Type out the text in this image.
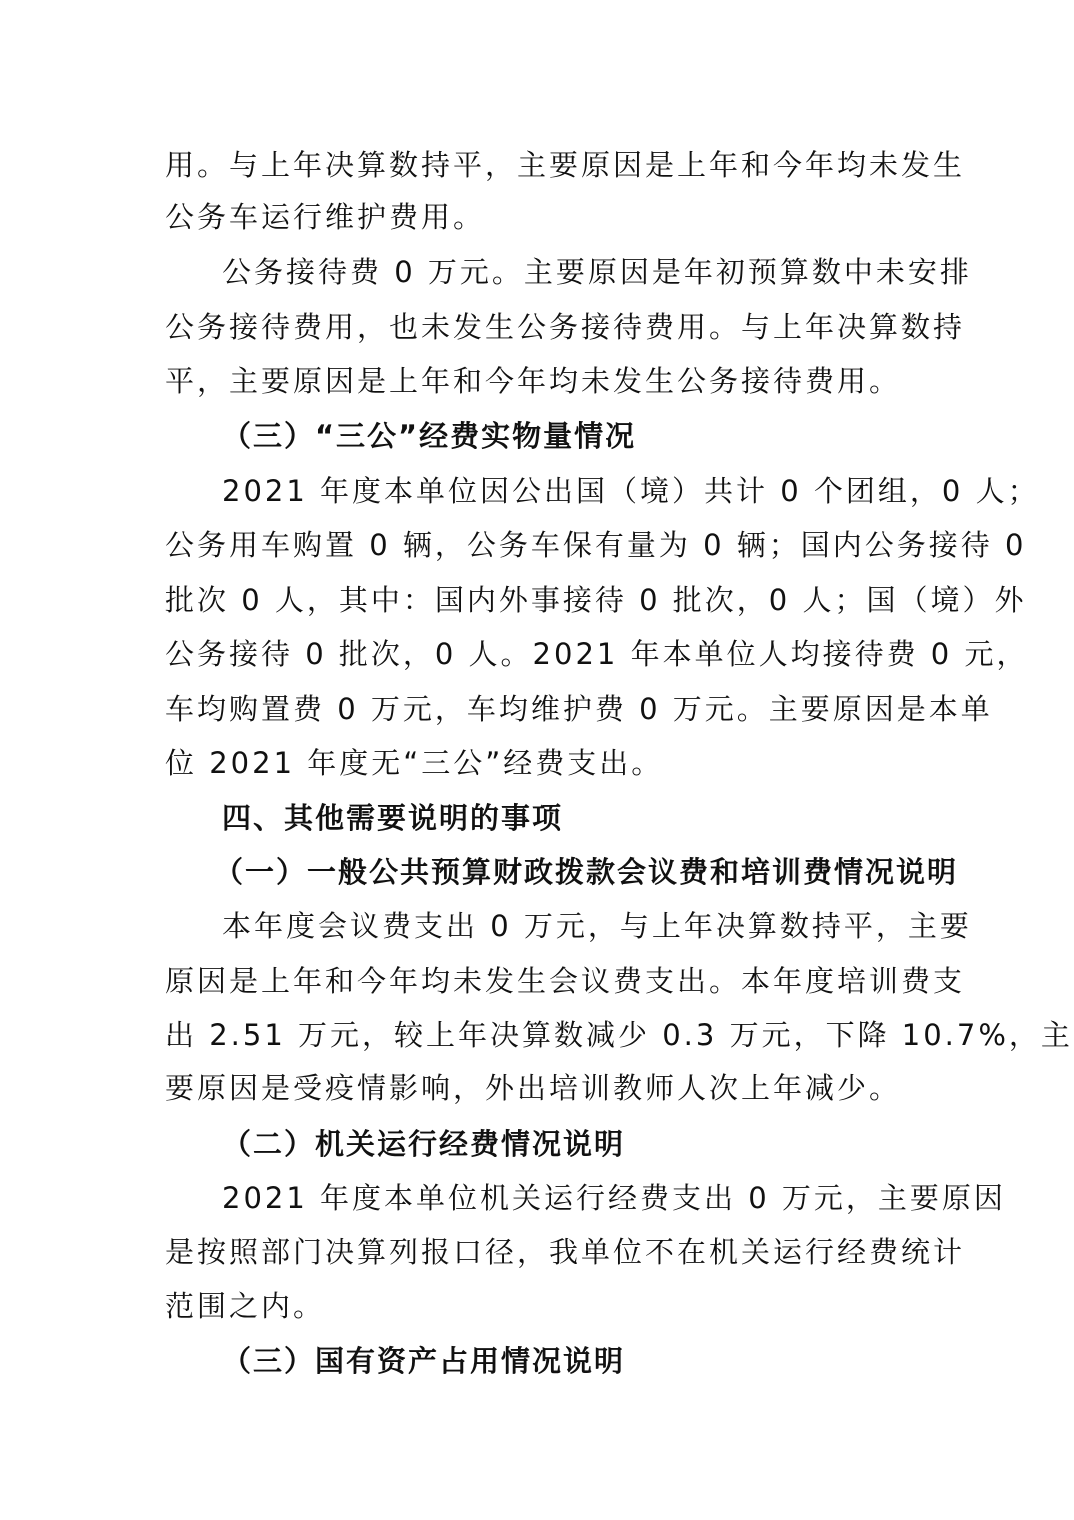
用。与上年决算数持平，主要原因是上年和今年均未发生
公务车运行维护费用。
公务接待费 0 万元。主要原因是年初预算数中未安排
公务接待费用，也未发生公务接待费用。与上年决算数持
平，主要原因是上年和今年均未发生公务接待费用。
（三）“三公”经费实物量情况
2021 年度本单位因公出国（境）共计 0 个团组，0 人；
公务用车购置 0 辆，公务车保有量为 0 辆；国内公务接待 0
批次 0 人，其中：国内外事接待 0 批次，0 人；国（境）外
公务接待 0 批次，0 人。2021 年本单位人均接待费 0 元，
车均购置费 0 万元，车均维护费 0 万元。主要原因是本单
位 2021 年度无“三公”经费支出。
四、其他需要说明的事项
（一）一般公共预算财政拨款会议费和培训费情况说明
本年度会议费支出 0 万元，与上年决算数持平，主要
原因是上年和今年均未发生会议费支出。本年度培训费支
出 2.51 万元，较上年决算数减少 0.3 万元，下降 10.7%，主
要原因是受疫情影响，外出培训教师人次上年减少。
（二）机关运行经费情况说明
2021 年度本单位机关运行经费支出 0 万元，主要原因
是按照部门决算列报口径，我单位不在机关运行经费统计
范围之内。
（三）国有资产占用情况说明
